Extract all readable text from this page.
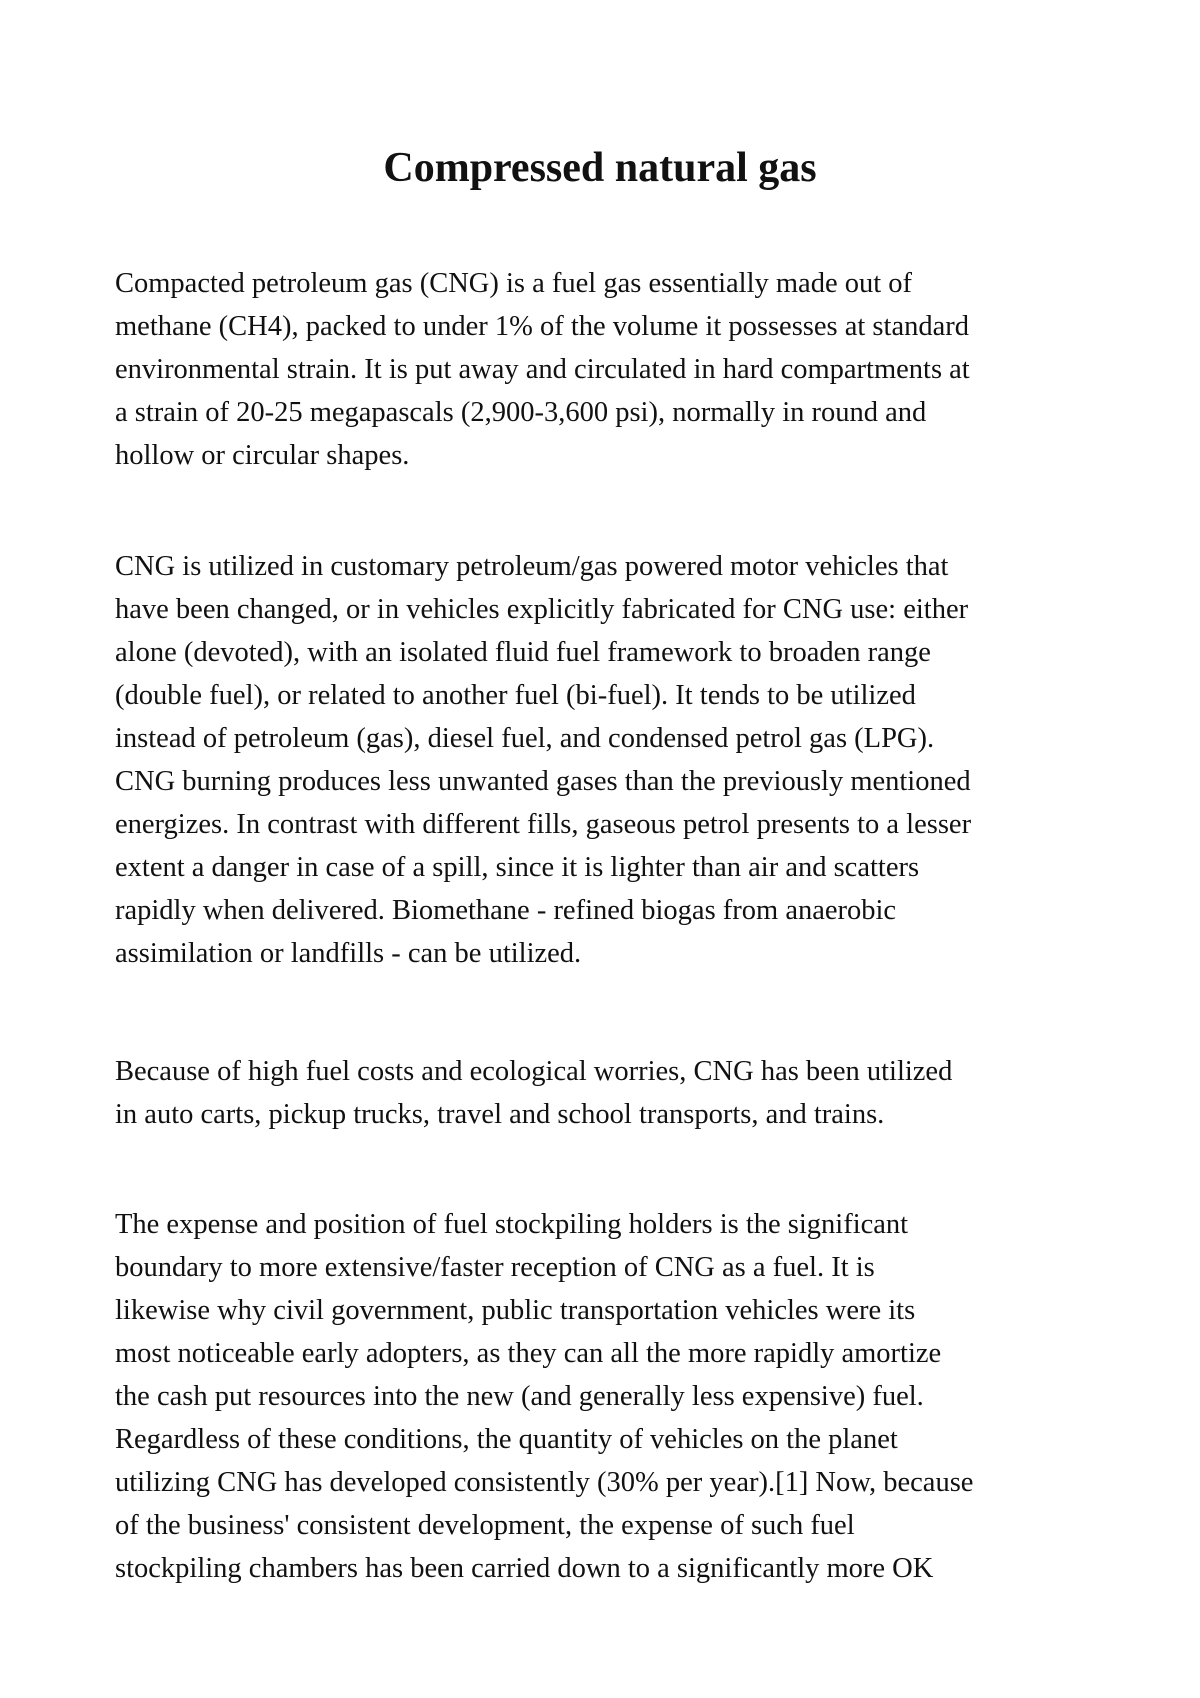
Compressed natural gas

Compacted petroleum gas (CNG) is a fuel gas essentially made out of
methane (CH4), packed to under 1% of the volume it possesses at standard
environmental strain. It is put away and circulated in hard compartments at
a strain of 20-25 megapascals (2,900-3,600 psi), normally in round and
hollow or circular shapes.

CNG is utilized in customary petroleum/gas powered motor vehicles that
have been changed, or in vehicles explicitly fabricated for CNG use: either
alone (devoted), with an isolated fluid fuel framework to broaden range
(double fuel), or related to another fuel (bi-fuel). It tends to be utilized
instead of petroleum (gas), diesel fuel, and condensed petrol gas (LPG).
CNG burning produces less unwanted gases than the previously mentioned
energizes. In contrast with different fills, gaseous petrol presents to a lesser
extent a danger in case of a spill, since it is lighter than air and scatters
rapidly when delivered. Biomethane - refined biogas from anaerobic
assimilation or landfills - can be utilized.

Because of high fuel costs and ecological worries, CNG has been utilized
in auto carts, pickup trucks, travel and school transports, and trains.

The expense and position of fuel stockpiling holders is the significant
boundary to more extensive/faster reception of CNG as a fuel. It is
likewise why civil government, public transportation vehicles were its
most noticeable early adopters, as they can all the more rapidly amortize
the cash put resources into the new (and generally less expensive) fuel.
Regardless of these conditions, the quantity of vehicles on the planet
utilizing CNG has developed consistently (30% per year).[1] Now, because
of the business' consistent development, the expense of such fuel
stockpiling chambers has been carried down to a significantly more OK
